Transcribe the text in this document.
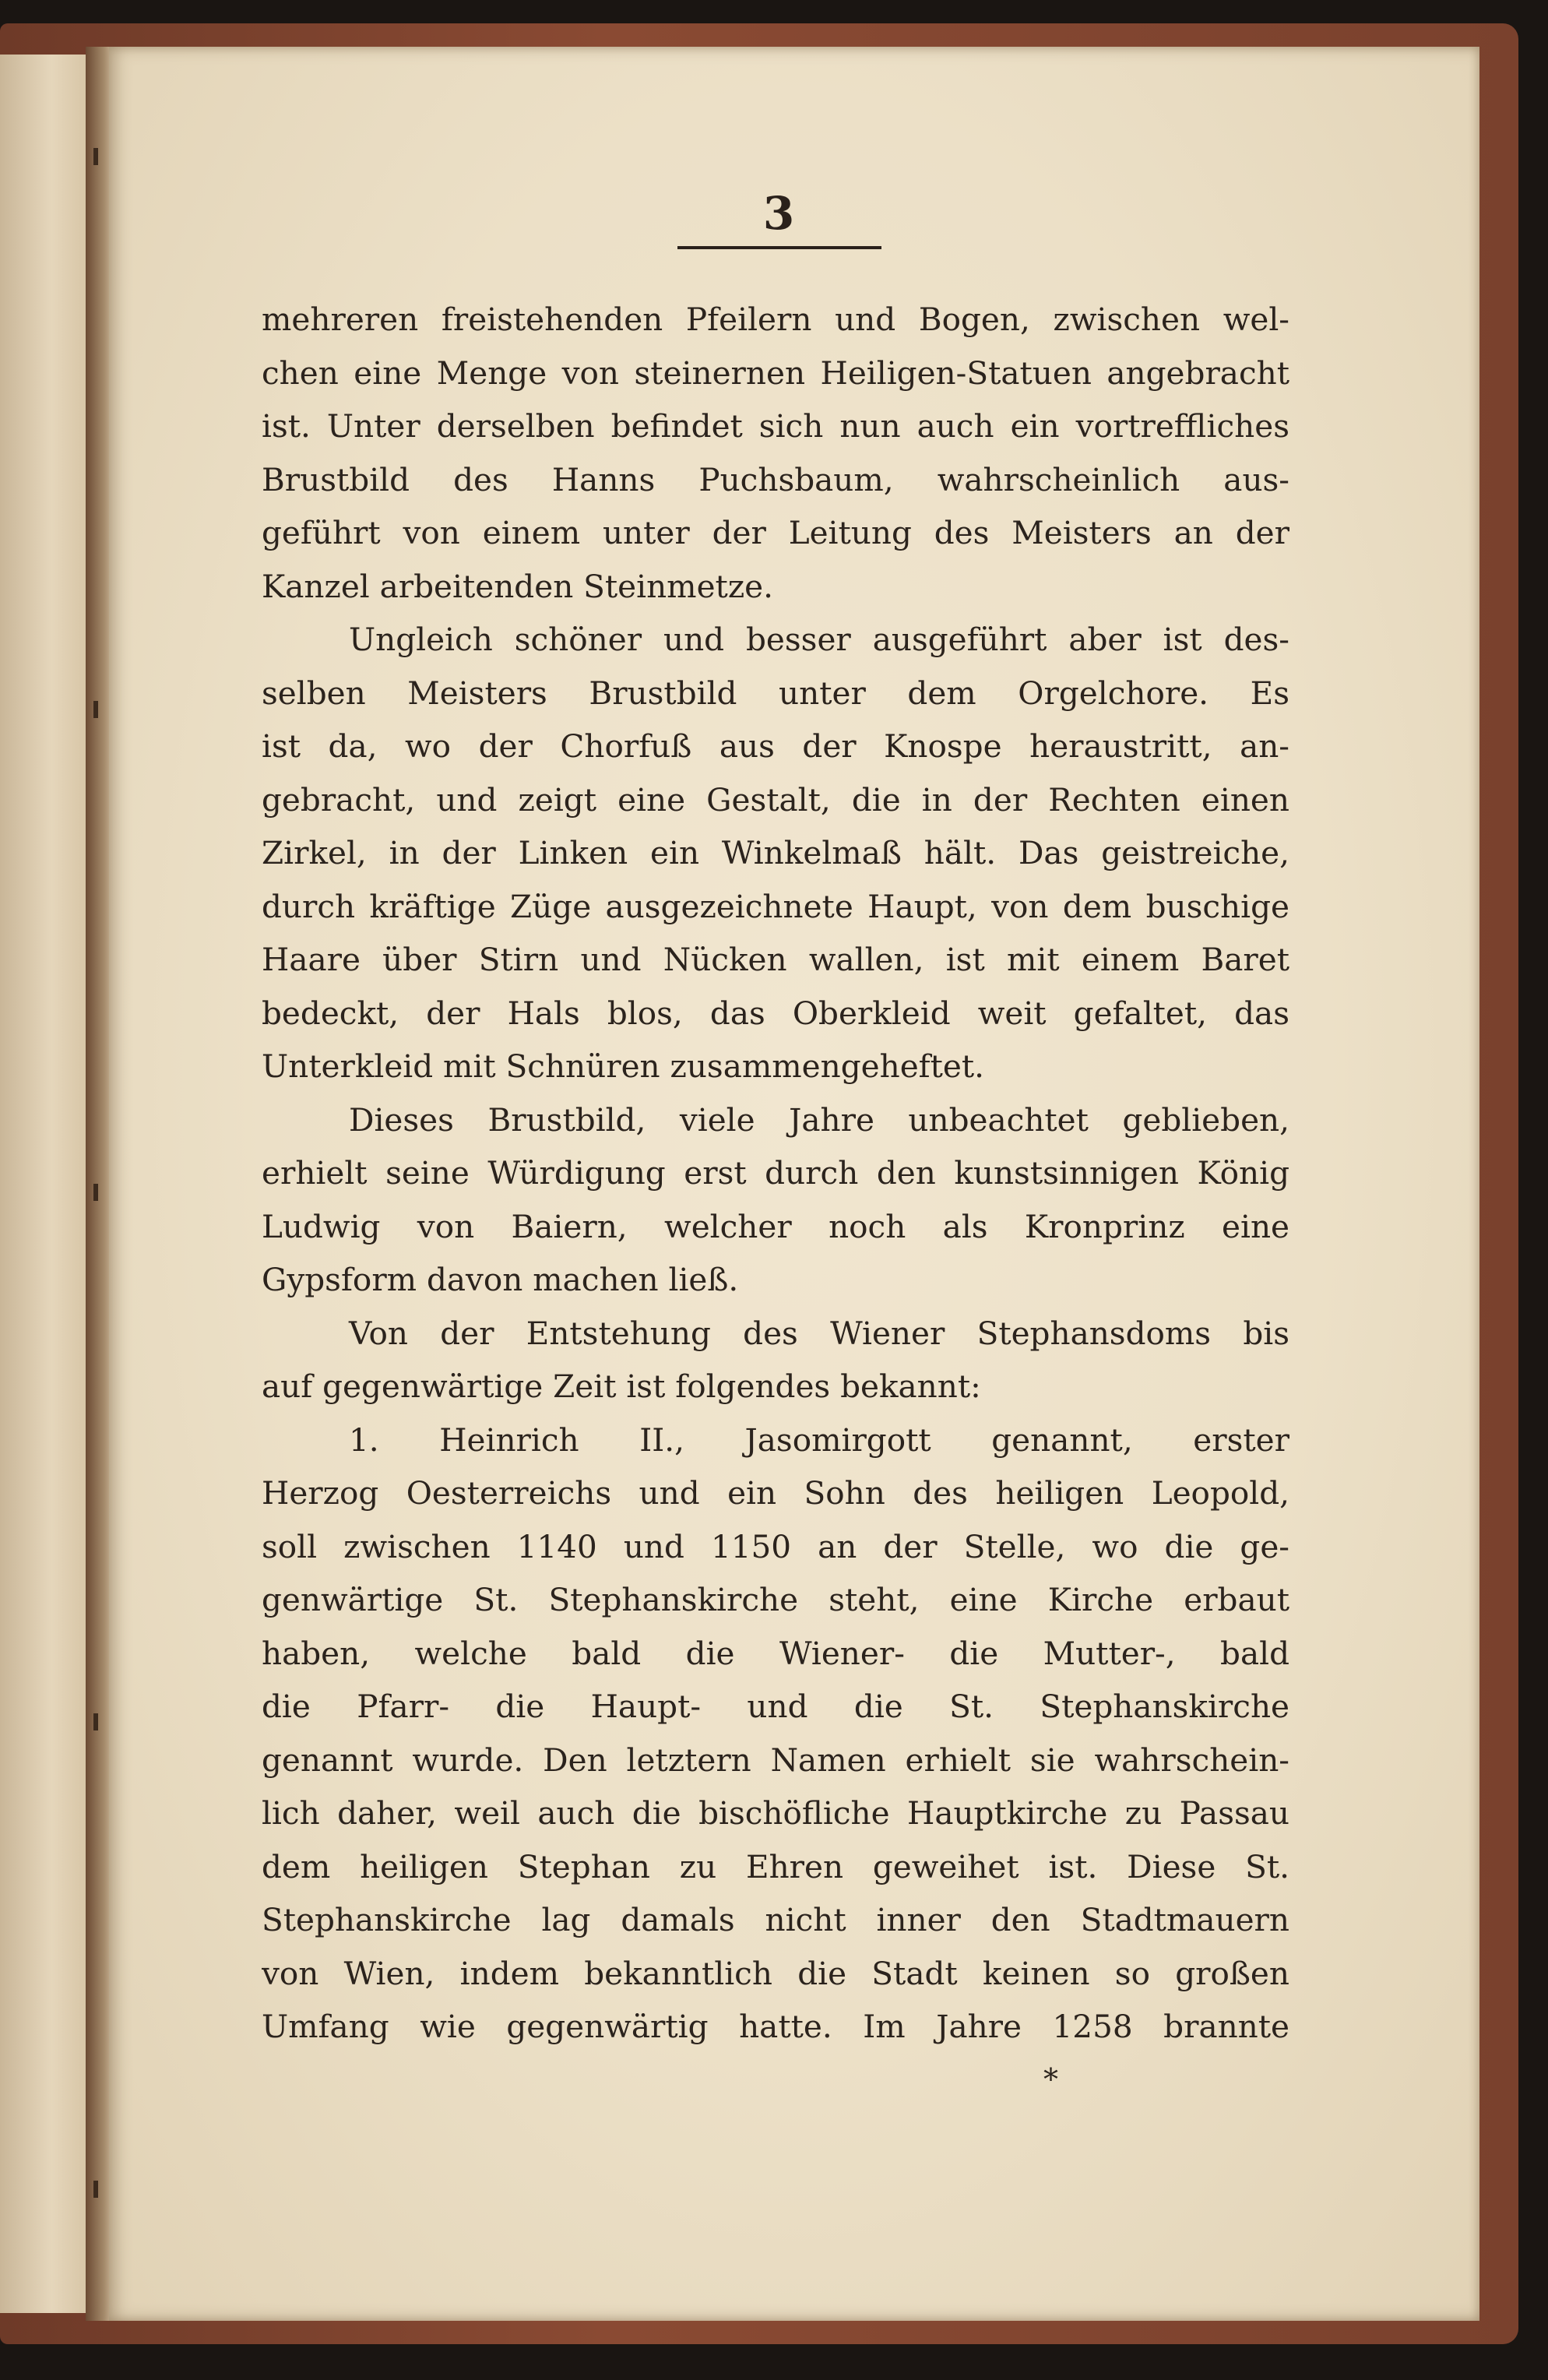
3
mehreren freistehenden Pfeilern und Bogen, zwischen wel-
chen eine Menge von steinernen Heiligen-Statuen angebracht
ist. Unter derselben befindet sich nun auch ein vortreffliches
Brustbild des Hanns Puchsbaum, wahrscheinlich aus-
geführt von einem unter der Leitung des Meisters an der
Kanzel arbeitenden Steinmetze.
Ungleich schöner und besser ausgeführt aber ist des-
selben Meisters Brustbild unter dem Orgelchore. Es
ist da, wo der Chorfuß aus der Knospe heraustritt, an-
gebracht, und zeigt eine Gestalt, die in der Rechten einen
Zirkel, in der Linken ein Winkelmaß hält. Das geistreiche,
durch kräftige Züge ausgezeichnete Haupt, von dem buschige
Haare über Stirn und Nücken wallen, ist mit einem Baret
bedeckt, der Hals blos, das Oberkleid weit gefaltet, das
Unterkleid mit Schnüren zusammengeheftet.
Dieses Brustbild, viele Jahre unbeachtet geblieben,
erhielt seine Würdigung erst durch den kunstsinnigen König
Ludwig von Baiern, welcher noch als Kronprinz eine
Gypsform davon machen ließ.
Von der Entstehung des Wiener Stephansdoms bis
auf gegenwärtige Zeit ist folgendes bekannt:
1. Heinrich II., Jasomirgott genannt, erster
Herzog Oesterreichs und ein Sohn des heiligen Leopold,
soll zwischen 1140 und 1150 an der Stelle, wo die ge-
genwärtige St. Stephanskirche steht, eine Kirche erbaut
haben, welche bald die Wiener- die Mutter-, bald
die Pfarr- die Haupt- und die St. Stephanskirche
genannt wurde. Den letztern Namen erhielt sie wahrschein-
lich daher, weil auch die bischöfliche Hauptkirche zu Passau
dem heiligen Stephan zu Ehren geweihet ist. Diese St.
Stephanskirche lag damals nicht inner den Stadtmauern
von Wien, indem bekanntlich die Stadt keinen so großen
Umfang wie gegenwärtig hatte. Im Jahre 1258 brannte
*
